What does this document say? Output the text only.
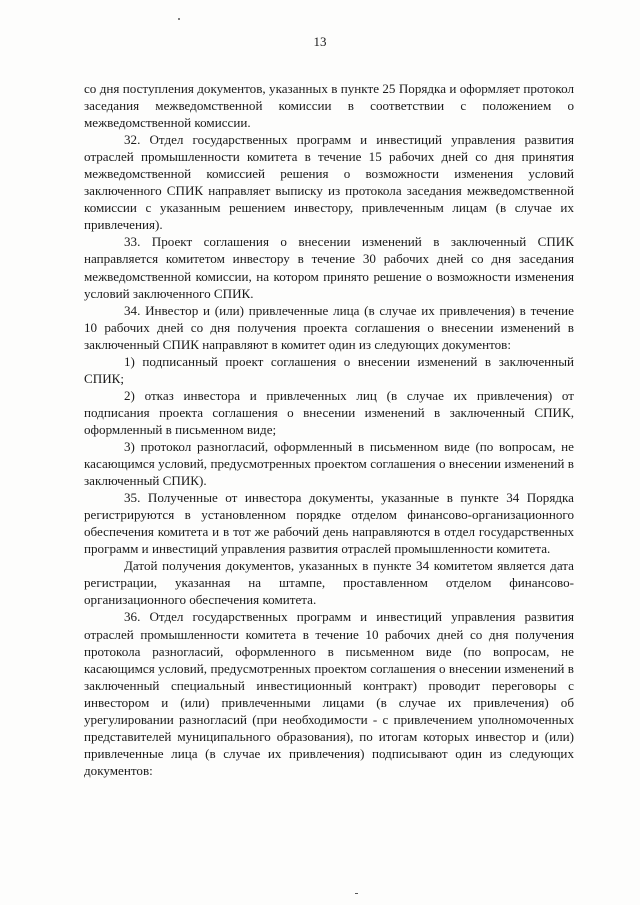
13

со дня поступления документов, указанных в пункте 25 Порядка и оформляет протокол заседания межведомственной комиссии в соответствии с положением о межведомственной комиссии.

32. Отдел государственных программ и инвестиций управления развития отраслей промышленности комитета в течение 15 рабочих дней со дня принятия межведомственной комиссией решения о возможности изменения условий заключенного СПИК направляет выписку из протокола заседания межведомственной комиссии с указанным решением инвестору, привлеченным лицам (в случае их привлечения).

33. Проект соглашения о внесении изменений в заключенный СПИК направляется комитетом инвестору в течение 30 рабочих дней со дня заседания межведомственной комиссии, на котором принято решение о возможности изменения условий заключенного СПИК.

34. Инвестор и (или) привлеченные лица (в случае их привлечения) в течение 10 рабочих дней со дня получения проекта соглашения о внесении изменений в заключенный СПИК направляют в комитет один из следующих документов:

1) подписанный проект соглашения о внесении изменений в заключенный СПИК;

2) отказ инвестора и привлеченных лиц (в случае их привлечения) от подписания проекта соглашения о внесении изменений в заключенный СПИК, оформленный в письменном виде;

3) протокол разногласий, оформленный в письменном виде (по вопросам, не касающимся условий, предусмотренных проектом соглашения о внесении изменений в заключенный СПИК).

35. Полученные от инвестора документы, указанные в пункте 34 Порядка регистрируются в установленном порядке отделом финансово-организационного обеспечения комитета и в тот же рабочий день направляются в отдел государственных программ и инвестиций управления развития отраслей промышленности комитета.

Датой получения документов, указанных в пункте 34 комитетом является дата регистрации, указанная на штампе, проставленном отделом финансово-организационного обеспечения комитета.

36. Отдел государственных программ и инвестиций управления развития отраслей промышленности комитета в течение 10 рабочих дней со дня получения протокола разногласий, оформленного в письменном виде (по вопросам, не касающимся условий, предусмотренных проектом соглашения о внесении изменений в заключенный специальный инвестиционный контракт) проводит переговоры с инвестором и (или) привлеченными лицами (в случае их привлечения) об урегулировании разногласий (при необходимости - с привлечением уполномоченных представителей муниципального образования), по итогам которых инвестор и (или) привлеченные лица (в случае их привлечения) подписывают один из следующих документов:
